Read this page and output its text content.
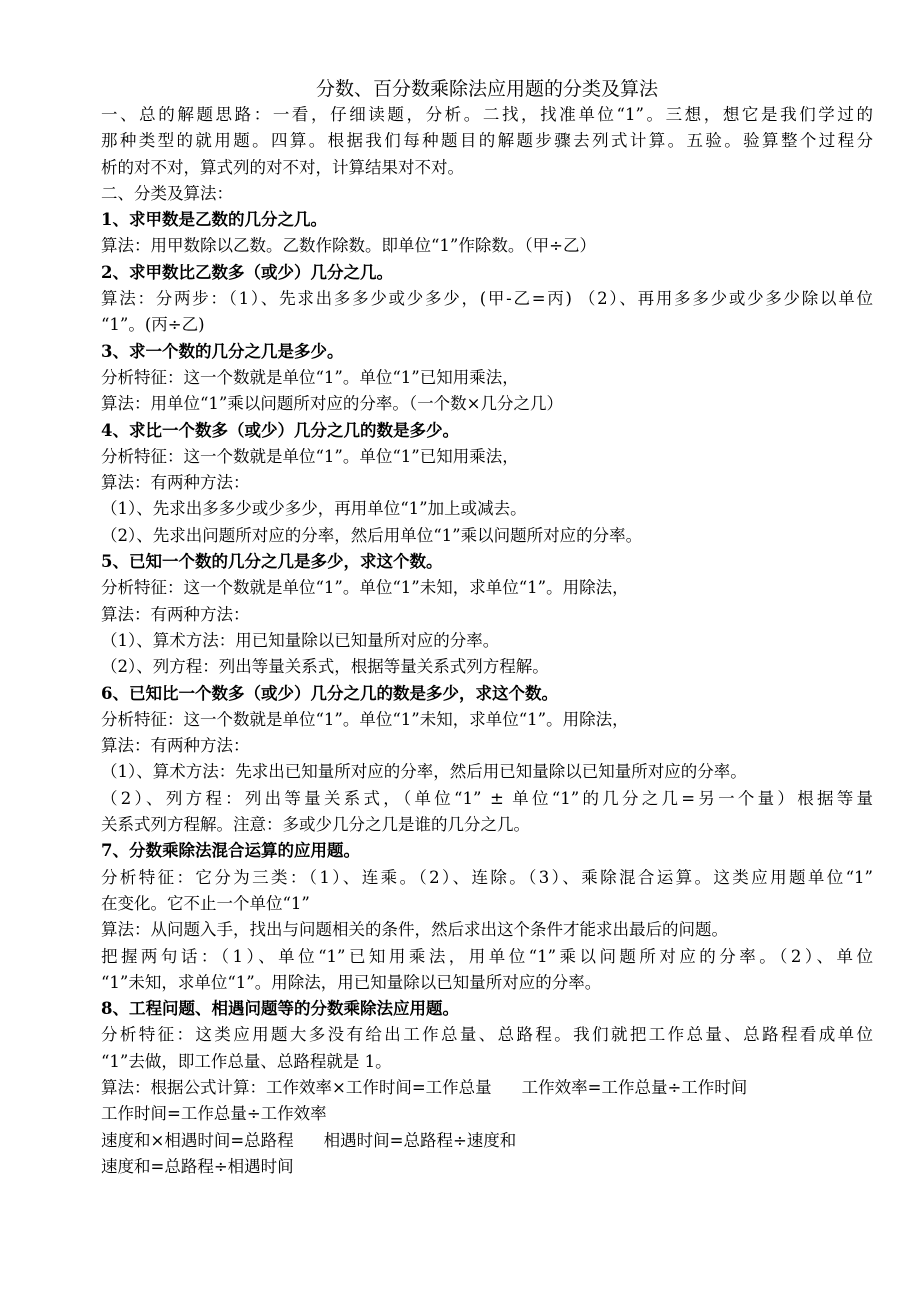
分数、百分数乘除法应用题的分类及算法
一、总的解题思路：一看，仔细读题，分析。二找，找准单位“1”。三想，想它是我们学过的
那种类型的就用题。四算。根据我们每种题目的解题步骤去列式计算。五验。验算整个过程分
析的对不对，算式列的对不对，计算结果对不对。
二、分类及算法：
1、求甲数是乙数的几分之几。
算法：用甲数除以乙数。乙数作除数。即单位“1”作除数。（甲÷乙）
2、求甲数比乙数多（或少）几分之几。
算法：分两步：（1）、先求出多多少或少多少，(甲-乙=丙) （2）、再用多多少或少多少除以单位
“1”。(丙÷乙)
3、求一个数的几分之几是多少。
分析特征：这一个数就是单位“1”。单位“1”已知用乘法，
算法：用单位“1”乘以问题所对应的分率。（一个数×几分之几）
4、求比一个数多（或少）几分之几的数是多少。
分析特征：这一个数就是单位“1”。单位“1”已知用乘法，
算法：有两种方法：
（1）、先求出多多少或少多少，再用单位“1”加上或减去。
（2）、先求出问题所对应的分率，然后用单位“1”乘以问题所对应的分率。
5、已知一个数的几分之几是多少，求这个数。
分析特征：这一个数就是单位“1”。单位“1”未知，求单位“1”。用除法，
算法：有两种方法：
（1）、算术方法：用已知量除以已知量所对应的分率。
（2）、列方程：列出等量关系式，根据等量关系式列方程解。
6、已知比一个数多（或少）几分之几的数是多少，求这个数。
分析特征：这一个数就是单位“1”。单位“1”未知，求单位“1”。用除法，
算法：有两种方法：
（1）、算术方法：先求出已知量所对应的分率，然后用已知量除以已知量所对应的分率。
（2）、列方程：列出等量关系式，（单位“1” ± 单位“1”的几分之几=另一个量）根据等量
关系式列方程解。注意：多或少几分之几是谁的几分之几。
7、分数乘除法混合运算的应用题。
分析特征：它分为三类：（1）、连乘。（2）、连除。（3）、乘除混合运算。这类应用题单位“1”
在变化。它不止一个单位“1”
算法：从问题入手，找出与问题相关的条件，然后求出这个条件才能求出最后的问题。
把握两句话：（1）、单位“1”已知用乘法，用单位“1”乘以问题所对应的分率。（2）、单位
“1”未知，求单位“1”。用除法，用已知量除以已知量所对应的分率。
8、工程问题、相遇问题等的分数乘除法应用题。
分析特征：这类应用题大多没有给出工作总量、总路程。我们就把工作总量、总路程看成单位
“1”去做，即工作总量、总路程就是 1。
算法：根据公式计算：工作效率×工作时间=工作总量 工作效率=工作总量÷工作时间
工作时间=工作总量÷工作效率
速度和×相遇时间=总路程 相遇时间=总路程÷速度和
速度和=总路程÷相遇时间
